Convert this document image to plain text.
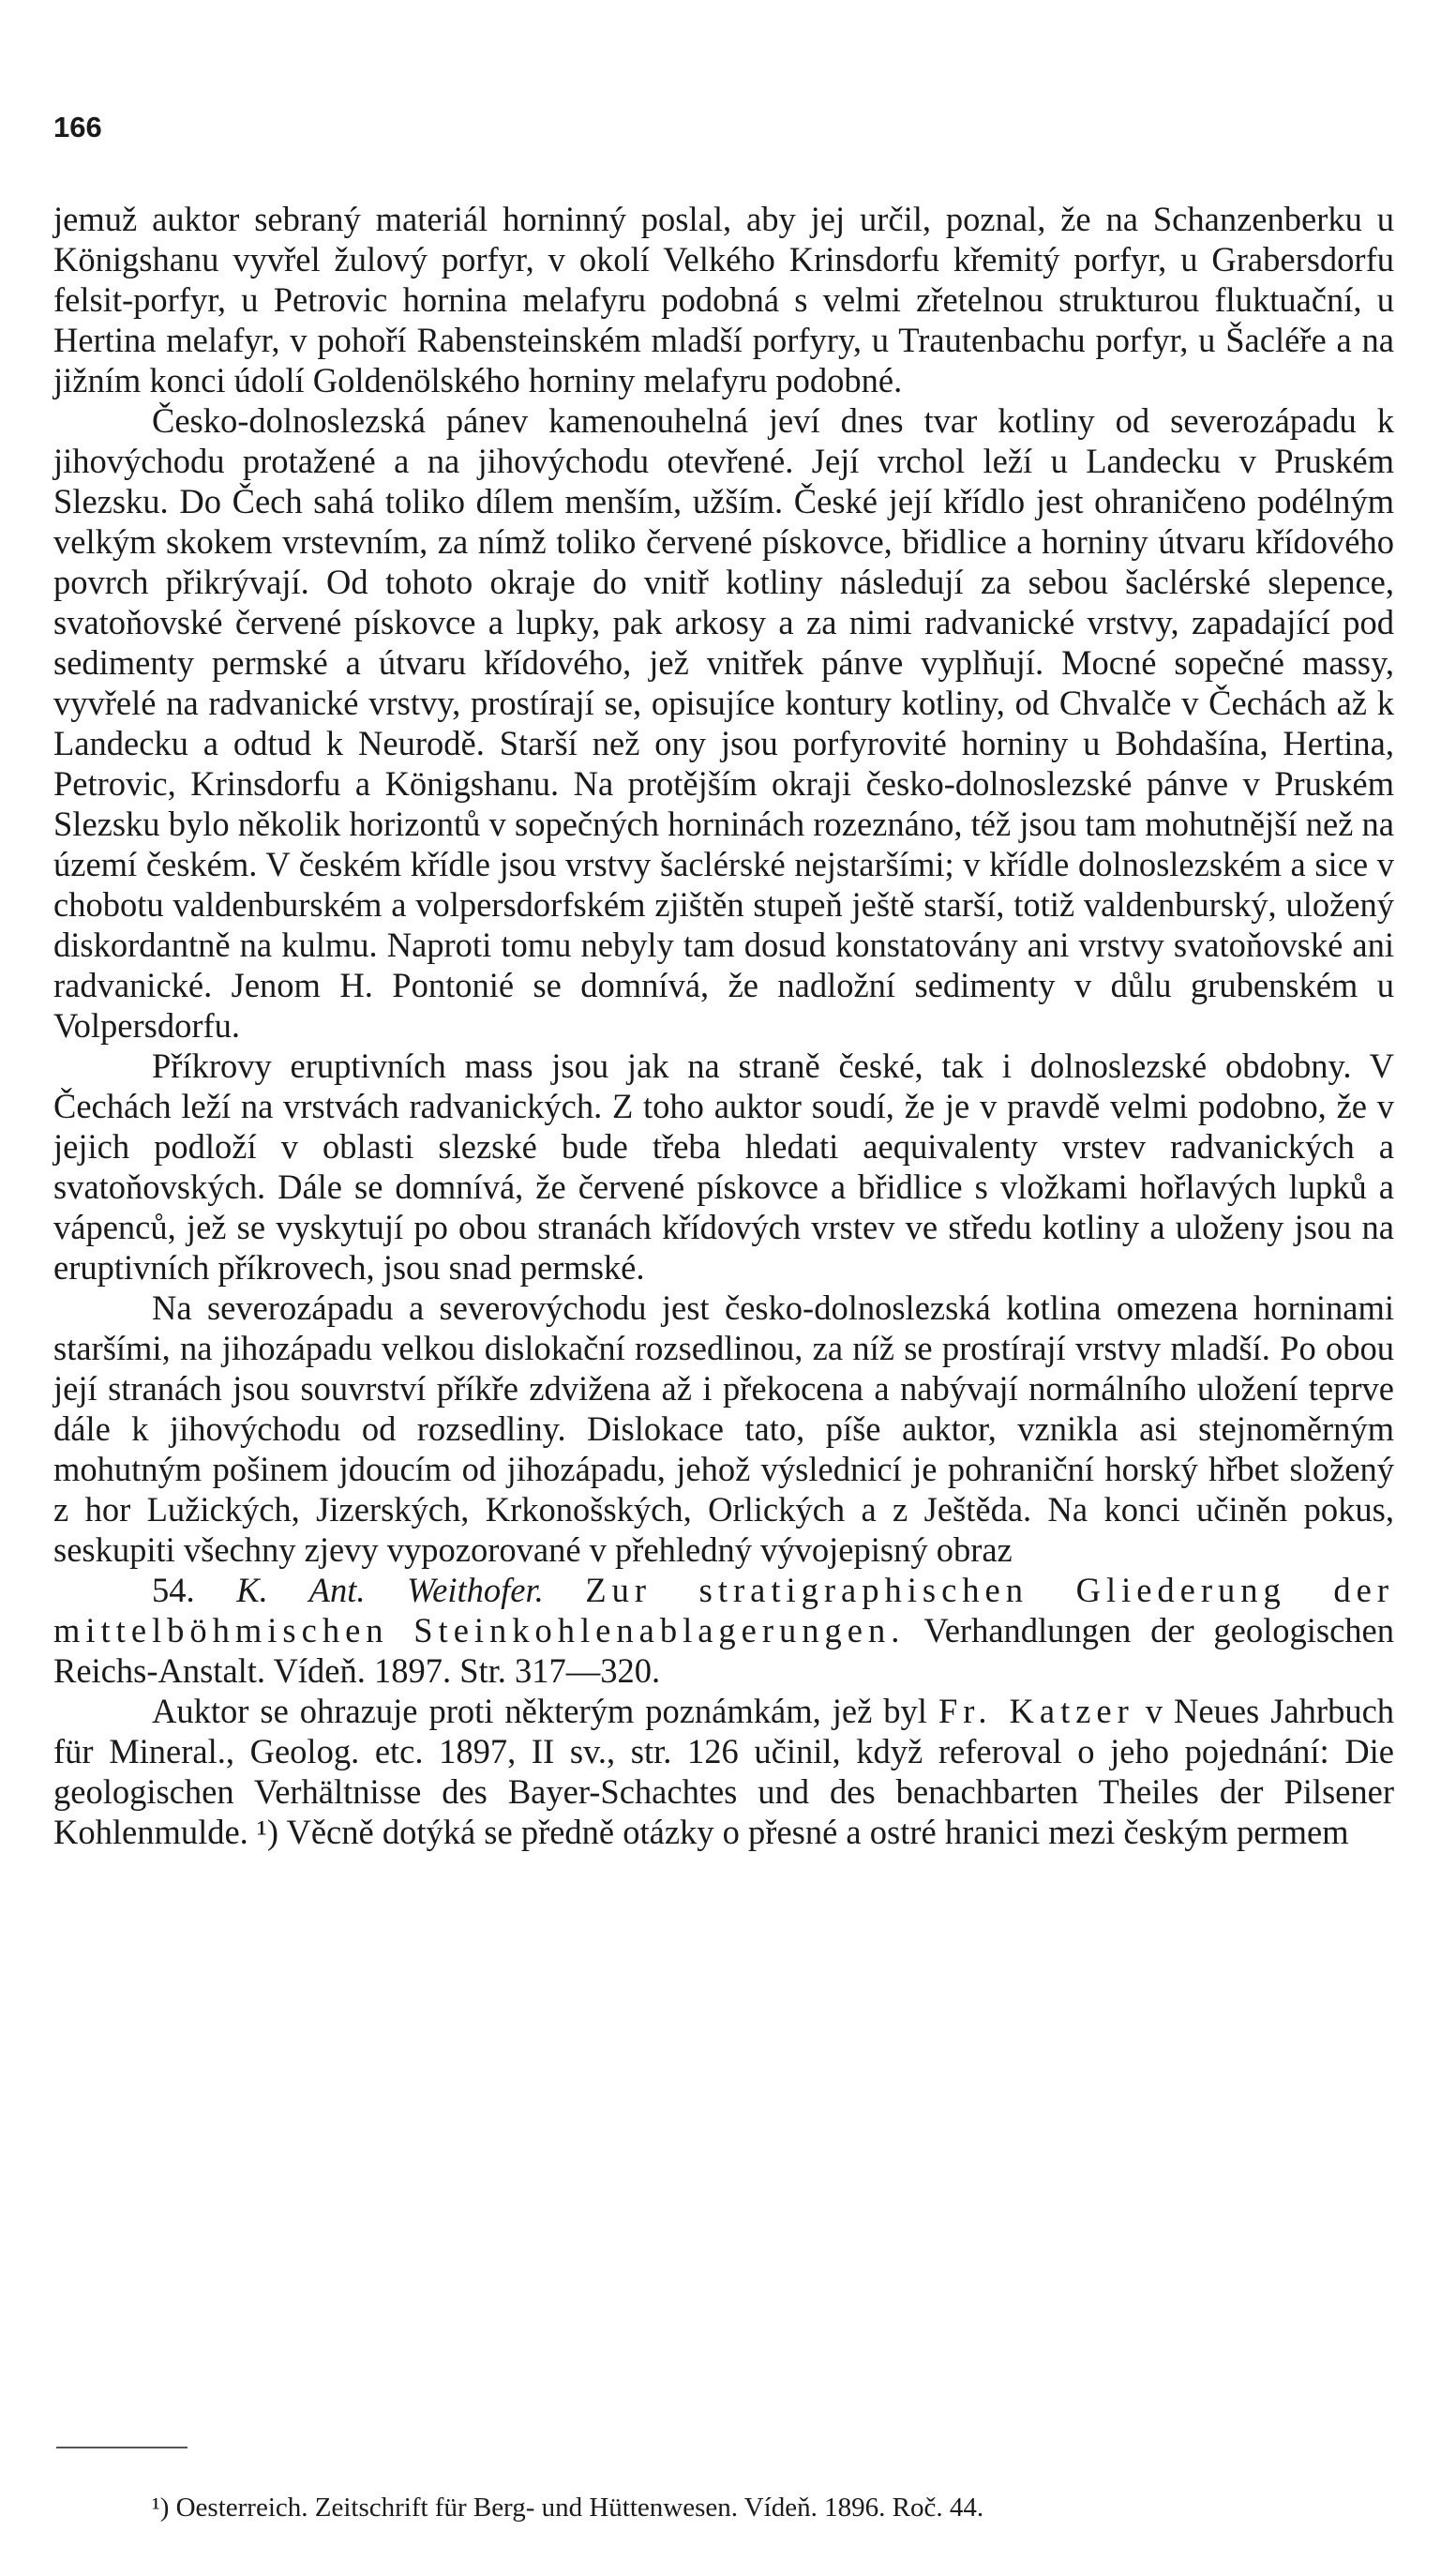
166

jemuž auktor sebraný materiál horninný poslal, aby jej určil, poznal, že na Schanzenberku u Königshanu vyvřel žulový porfyr, v okolí Velkého Krinsdorfu křemitý porfyr, u Grabersdorfu felsit-porfyr, u Petrovic hornina melafyru podobná s velmi zřetelnou strukturou fluktuační, u Hertina melafyr, v pohoří Rabensteinském mladší porfyry, u Trautenbachu porfyr, u Šacléře a na jižním konci údolí Goldenölského horniny melafyru podobné.

Česko-dolnoslezská pánev kamenouhelná jeví dnes tvar kotliny od severozápadu k jihovýchodu protažené a na jihovýchodu otevřené. Její vrchol leží u Landecku v Pruském Slezsku. Do Čech sahá toliko dílem menším, užším. České její křídlo jest ohraničeno podélným velkým skokem vrstevním, za nímž toliko červené pískovce, břidlice a horniny útvaru křídového povrch přikrývají. Od tohoto okraje do vnitř kotliny následují za sebou šaclérské slepence, svatoňovské červené pískovce a lupky, pak arkosy a za nimi radvanické vrstvy, zapadající pod sedimenty permské a útvaru křídového, jež vnitřek pánve vyplňují. Mocné sopečné massy, vyvřelé na radvanické vrstvy, prostírají se, opisujíce kontury kotliny, od Chvalče v Čechách až k Landecku a odtud k Neurodě. Starší než ony jsou porfyrovité horniny u Bohdašína, Hertina, Petrovic, Krinsdorfu a Königshanu. Na protějším okraji česko-dolnoslezské pánve v Pruském Slezsku bylo několik horizontů v sopečných horninách rozeznáno, též jsou tam mohutnější než na území českém. V českém křídle jsou vrstvy šaclérské nejstaršími; v křídle dolnoslezském a sice v chobotu valdenburském a volpersdorfském zjištěn stupeň ještě starší, totiž valdenburský, uložený diskordantně na kulmu. Naproti tomu nebyly tam dosud konstatovány ani vrstvy svatoňovské ani radvanické. Jenom H. Pontonié se domnívá, že nadložní sedimenty v důlu grubenském u Volpersdorfu.

Příkrovy eruptivních mass jsou jak na straně české, tak i dolnoslezské obdobny. V Čechách leží na vrstvách radvanických. Z toho auktor soudí, že je v pravdě velmi podobno, že v jejich podloží v oblasti slezské bude třeba hledati aequivalenty vrstev radvanických a svatoňovských. Dále se domnívá, že červené pískovce a břidlice s vložkami hořlavých lupků a vápenců, jež se vyskytují po obou stranách křídových vrstev ve středu kotliny a uloženy jsou na eruptivních příkrovech, jsou snad permské.

Na severozápadu a severovýchodu jest česko-dolnoslezská kotlina omezena horninami staršími, na jihozápadu velkou dislokační rozsedlinou, za níž se prostírají vrstvy mladší. Po obou její stranách jsou souvrství příkře zdvižena až i překocena a nabývají normálního uložení teprve dále k jihovýchodu od rozsedliny. Dislokace tato, píše auktor, vznikla asi stejnoměrným mohutným pošinem jdoucím od jihozápadu, jehož výslednicí je pohraniční horský hřbet složený z hor Lužických, Jizerských, Krkonošských, Orlických a z Ještěda. Na konci učiněn pokus, seskupiti všechny zjevy vypozorované v přehledný vývojepisný obraz

54. K. Ant. Weithofer. Zur stratigraphischen Gliederung der mittelböhmischen Steinkohlenablagerungen. Verhandlungen der geologischen Reichs-Anstalt. Vídeň. 1897. Str. 317—320.

Auktor se ohrazuje proti některým poznámkám, jež byl Fr. Katzer v Neues Jahrbuch für Mineral., Geolog. etc. 1897, II sv., str. 126 učinil, když referoval o jeho pojednání: Die geologischen Verhältnisse des Bayer-Schachtes und des benachbarten Theiles der Pilsener Kohlenmulde. ¹) Věcně dotýká se předně otázky o přesné a ostré hranici mezi českým permem

¹) Oesterreich. Zeitschrift für Berg- und Hüttenwesen. Vídeň. 1896. Roč. 44.
